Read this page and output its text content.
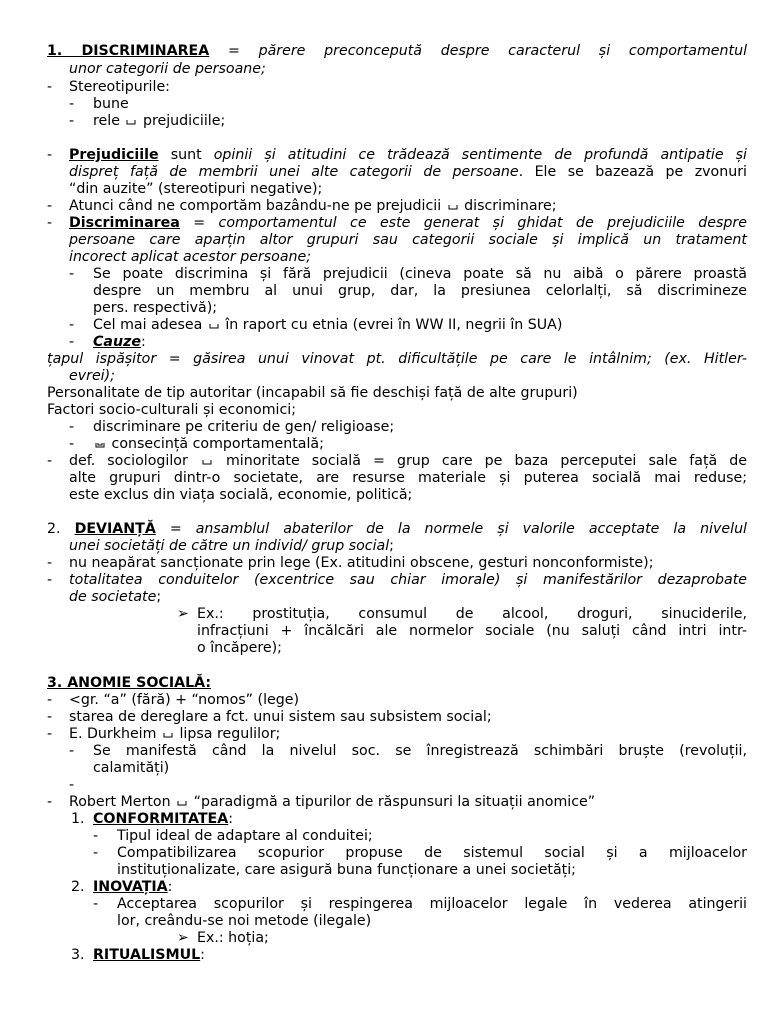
1. DISCRIMINAREA = părere preconcepută despre caracterul și comportamentul
unor categorii de persoane;
- Stereotipurile:
- bune
- rele prejudiciile;
- Prejudiciile sunt opinii și atitudini ce trădează sentimente de profundă antipatie și
dispreț față de membrii unei alte categorii de persoane. Ele se bazează pe zvonuri
“din auzite” (stereotipuri negative);
- Atunci când ne comportăm bazându-ne pe prejudicii discriminare;
- Discriminarea = comportamentul ce este generat și ghidat de prejudiciile despre
persoane care aparțin altor grupuri sau categorii sociale și implică un tratament
incorect aplicat acestor persoane;
- Se poate discrimina și fără prejudicii (cineva poate să nu aibă o părere proastă
despre un membru al unui grup, dar, la presiunea celorlalți, să discrimineze
pers. respectivă);
- Cel mai adesea în raport cu etnia (evrei în WW II, negrii în SUA)
- Cauze:
țapul ispășitor = găsirea unui vinovat pt. dificultățile pe care le intâlnim; (ex. Hitler-
evrei);
Personalitate de tip autoritar (incapabil să fie deschiși față de alte grupuri)
Factori socio-culturali și economici;
- discriminare pe criteriu de gen/ religioase;
-	consecință comportamentală;
- def. sociologilor	minoritate socială = grup care pe baza perceputei sale față de
alte grupuri dintr-o societate, are resurse materiale și puterea socială mai reduse;
este exclus din viața socială, economie, politică;
2. DEVIANȚĂ = ansamblul abaterilor de la normele și valorile acceptate la nivelul
unei societăți de către un individ/ grup social;
- nu neapărat sancționate prin lege (Ex. atitudini obscene, gesturi nonconformiste);
- totalitatea conduitelor (excentrice sau chiar imorale) și manifestărilor dezaprobate
de societate;
➢ Ex.: prostituția, consumul de alcool, droguri, sinuciderile,
infracțiuni + încălcări ale normelor sociale (nu saluți când intri intr-
o încăpere);
3. ANOMIE SOCIALĂ:
- <gr. “a” (fără) + “nomos” (lege)
- starea de dereglare a fct. unui sistem sau subsistem social;
- E. Durkheim lipsa regulilor;
- Se manifestă când la nivelul soc. se înregistrează schimbări bruște (revoluții,
calamități)
-
- Robert Merton “paradigmă a tipurilor de răspunsuri la situații anomice”
1. CONFORMITATEA:
- Tipul ideal de adaptare al conduitei;
- Compatibilizarea scopurior propuse de sistemul social și a mijloacelor
instituționalizate, care asigură buna funcționare a unei societăți;
2. INOVAȚIA:
- Acceptarea scopurilor și respingerea mijloacelor legale în vederea atingerii
lor, creându-se noi metode (ilegale)
➢ Ex.: hoția;
3. RITUALISMUL:
